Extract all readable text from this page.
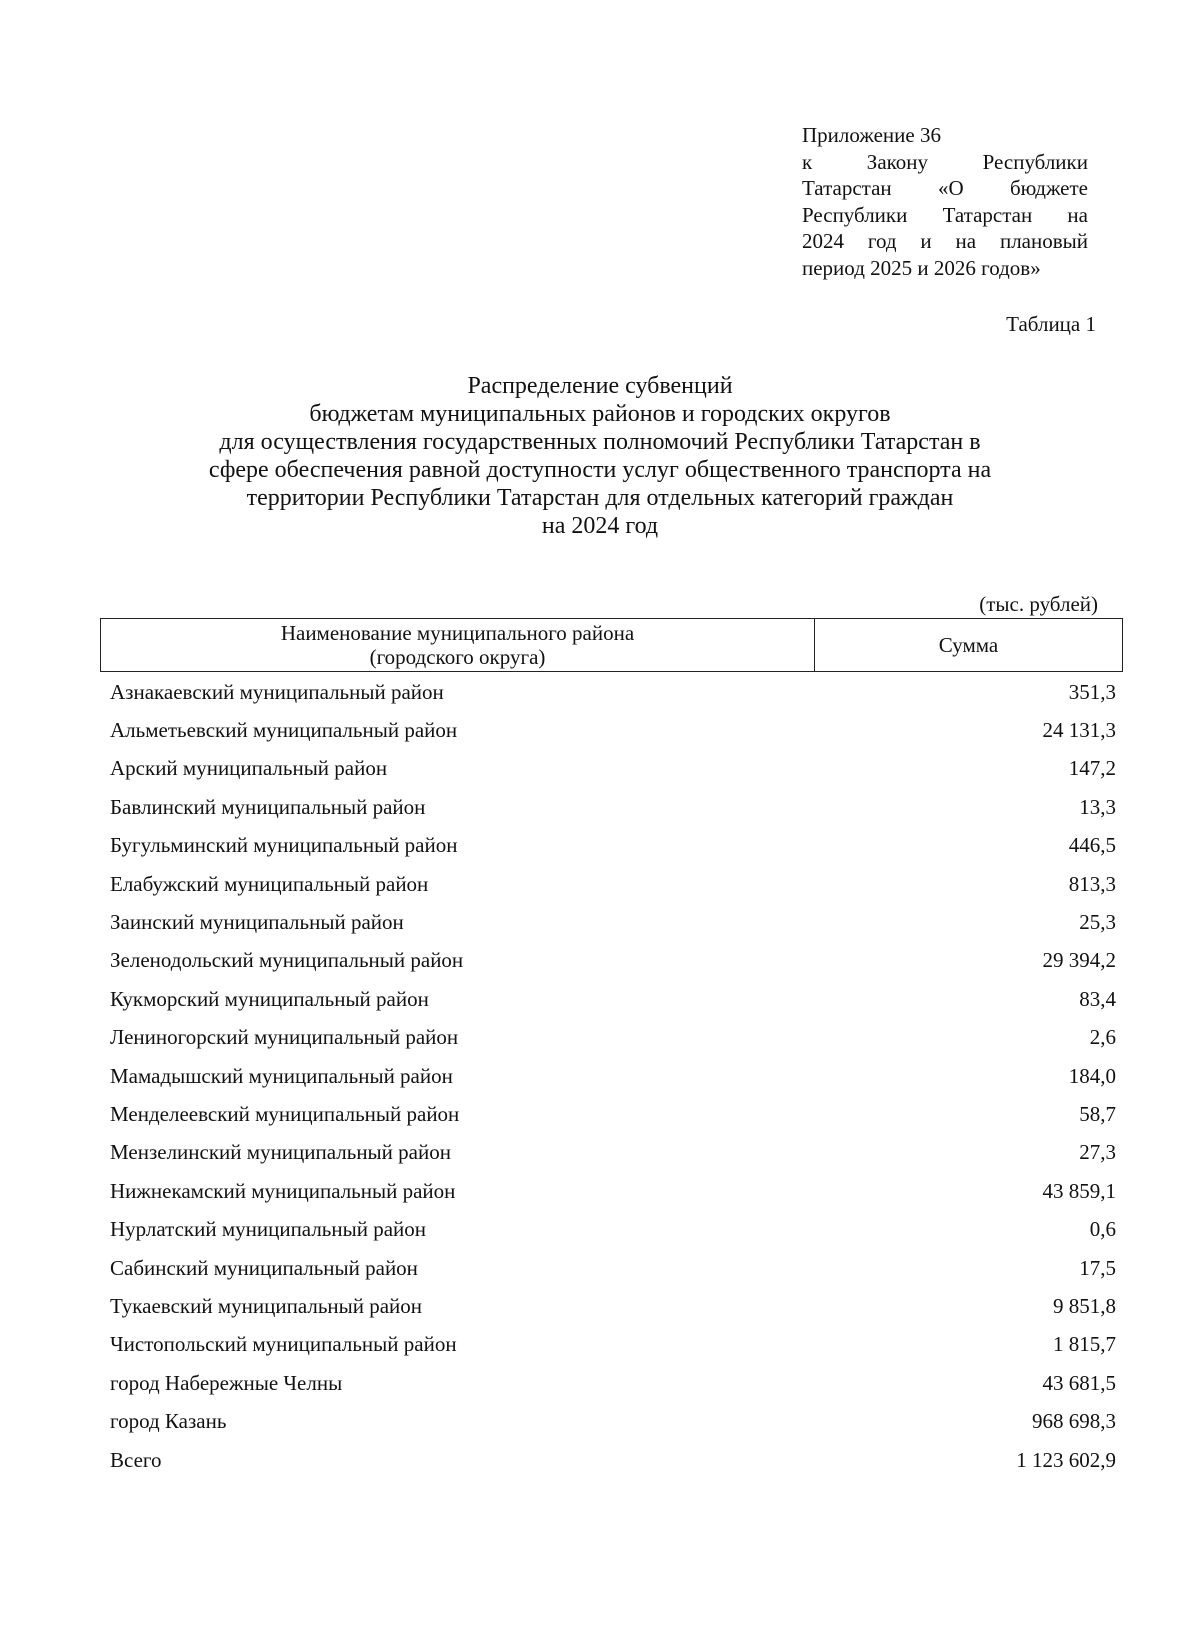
Приложение 36
к Закону Республики
Татарстан «О бюджете
Республики Татарстан на
2024 год и на плановый
период 2025 и 2026 годов»
Таблица 1
Распределение субвенций
бюджетам муниципальных районов и городских округов
для осуществления государственных полномочий Республики Татарстан в
сфере обеспечения равной доступности услуг общественного транспорта на
территории Республики Татарстан для отдельных категорий граждан
на 2024 год
(тыс. рублей)
Наименование муниципального района
(городского округа)
Сумма
Азнакаевский муниципальный район	351,3
Альметьевский муниципальный район	24 131,3
Арский муниципальный район	147,2
Бавлинский муниципальный район	13,3
Бугульминский муниципальный район	446,5
Елабужский муниципальный район	813,3
Заинский муниципальный район	25,3
Зеленодольский муниципальный район	29 394,2
Кукморский муниципальный район	83,4
Лениногорский муниципальный район	2,6
Мамадышский муниципальный район	184,0
Менделеевский муниципальный район	58,7
Мензелинский муниципальный район	27,3
Нижнекамский муниципальный район	43 859,1
Нурлатский муниципальный район	0,6
Сабинский муниципальный район	17,5
Тукаевский муниципальный район	9 851,8
Чистопольский муниципальный район	1 815,7
город Набережные Челны	43 681,5
город Казань	968 698,3
Всего	1 123 602,9
